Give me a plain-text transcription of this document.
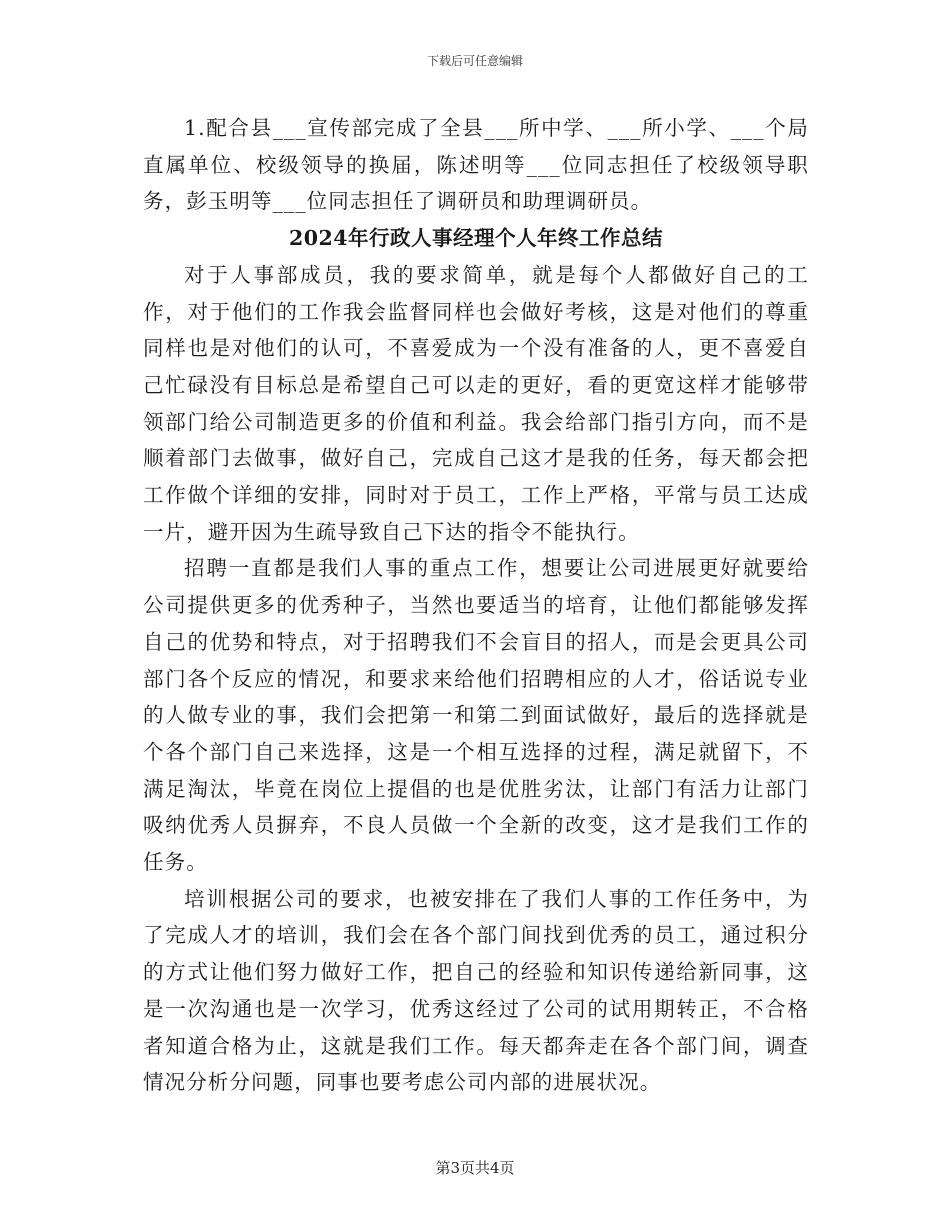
下载后可任意编辑

1.配合县___宣传部完成了全县___所中学、___所小学、___个局直属单位、校级领导的换届，陈述明等___位同志担任了校级领导职务，彭玉明等___位同志担任了调研员和助理调研员。

2024年行政人事经理个人年终工作总结

对于人事部成员，我的要求简单，就是每个人都做好自己的工作，对于他们的工作我会监督同样也会做好考核，这是对他们的尊重同样也是对他们的认可，不喜爱成为一个没有准备的人，更不喜爱自己忙碌没有目标总是希望自己可以走的更好，看的更宽这样才能够带领部门给公司制造更多的价值和利益。我会给部门指引方向，而不是顺着部门去做事，做好自己，完成自己这才是我的任务，每天都会把工作做个详细的安排，同时对于员工，工作上严格，平常与员工达成一片，避开因为生疏导致自己下达的指令不能执行。

招聘一直都是我们人事的重点工作，想要让公司进展更好就要给公司提供更多的优秀种子，当然也要适当的培育，让他们都能够发挥自己的优势和特点，对于招聘我们不会盲目的招人，而是会更具公司部门各个反应的情况，和要求来给他们招聘相应的人才，俗话说专业的人做专业的事，我们会把第一和第二到面试做好，最后的选择就是个各个部门自己来选择，这是一个相互选择的过程，满足就留下，不满足淘汰，毕竟在岗位上提倡的也是优胜劣汰，让部门有活力让部门吸纳优秀人员摒弃，不良人员做一个全新的改变，这才是我们工作的任务。

培训根据公司的要求，也被安排在了我们人事的工作任务中，为了完成人才的培训，我们会在各个部门间找到优秀的员工，通过积分的方式让他们努力做好工作，把自己的经验和知识传递给新同事，这是一次沟通也是一次学习，优秀这经过了公司的试用期转正，不合格者知道合格为止，这就是我们工作。每天都奔走在各个部门间，调查情况分析分问题，同事也要考虑公司内部的进展状况。

第3页共4页
